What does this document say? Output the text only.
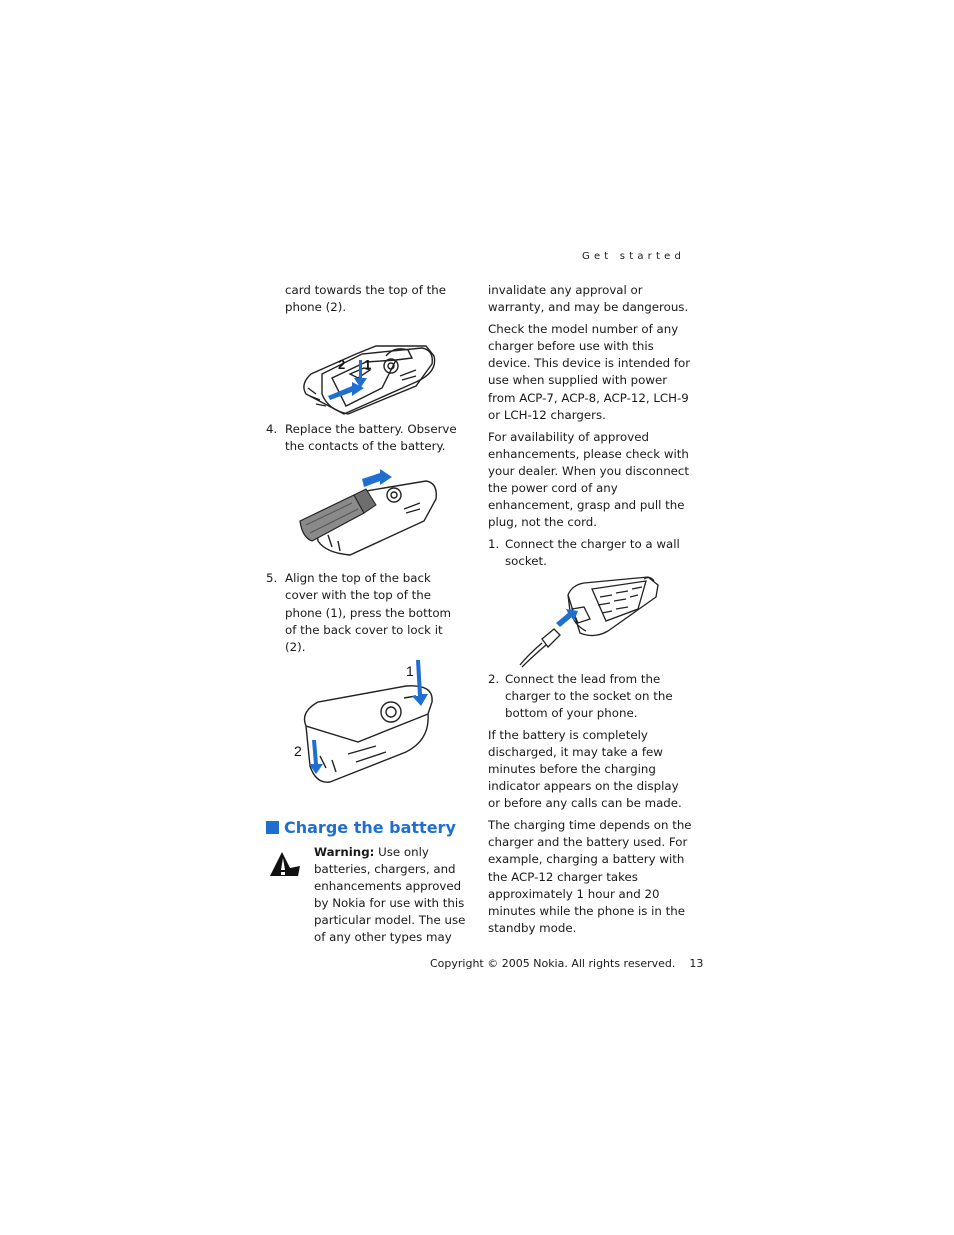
Get started

card towards the top of the phone (2).

2 1
4. Replace the battery. Observe the contacts of the battery.
5. Align the top of the back cover with the top of the phone (1), press the bottom of the back cover to lock it (2).
1
2
Charge the battery

Warning: Use only batteries, chargers, and enhancements approved by Nokia for use with this particular model. The use of any other types may

invalidate any approval or warranty, and may be dangerous.

Check the model number of any charger before use with this device. This device is intended for use when supplied with power from ACP-7, ACP-8, ACP-12, LCH-9 or LCH-12 chargers.

For availability of approved enhancements, please check with your dealer. When you disconnect the power cord of any enhancement, grasp and pull the plug, not the cord.

1. Connect the charger to a wall socket.
2. Connect the lead from the charger to the socket on the bottom of your phone.

If the battery is completely discharged, it may take a few minutes before the charging indicator appears on the display or before any calls can be made.

The charging time depends on the charger and the battery used. For example, charging a battery with the ACP-12 charger takes approximately 1 hour and 20 minutes while the phone is in the standby mode.

Copyright © 2005 Nokia. All rights reserved. 13
